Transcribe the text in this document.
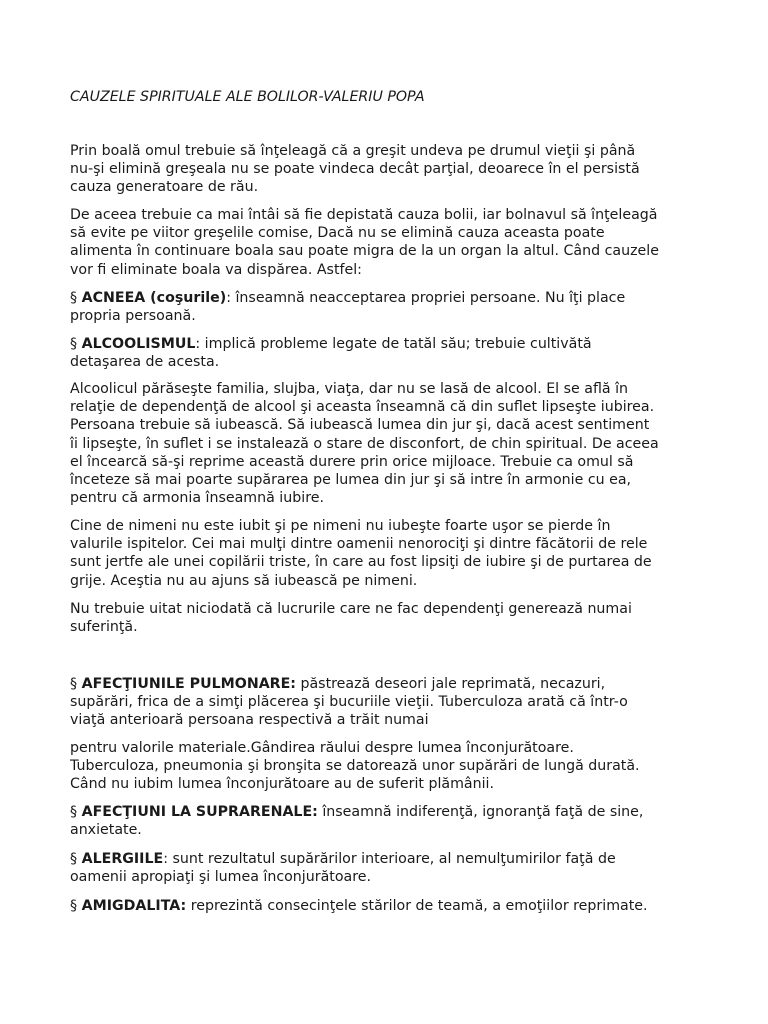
CAUZELE SPIRITUALE ALE BOLILOR-VALERIU POPA

Prin boală omul trebuie să înţeleagă că a greşit undeva pe drumul vieţii şi până
nu-şi elimină greşeala nu se poate vindeca decât parţial, deoarece în el persistă
cauza generatoare de rău.

De aceea trebuie ca mai întâi să fie depistată cauza bolii, iar bolnavul să înţeleagă
să evite pe viitor greşelile comise, Dacă nu se elimină cauza aceasta poate
alimenta în continuare boala sau poate migra de la un organ la altul. Când cauzele
vor fi eliminate boala va dispărea. Astfel:

§ ACNEEA (coşurile): înseamnă neacceptarea propriei persoane. Nu îţi place
propria persoană.

§ ALCOOLISMUL: implică probleme legate de tatăl său; trebuie cultivătă
detaşarea de acesta.

Alcoolicul părăseşte familia, slujba, viaţa, dar nu se lasă de alcool. El se află în
relaţie de dependenţă de alcool şi aceasta înseamnă că din suflet lipseşte iubirea.
Persoana trebuie să iubească. Să iubească lumea din jur şi, dacă acest sentiment
îi lipseşte, în suflet i se instalează o stare de disconfort, de chin spiritual. De aceea
el încearcă să-şi reprime această durere prin orice mijloace. Trebuie ca omul să
înceteze să mai poarte supărarea pe lumea din jur şi să intre în armonie cu ea,
pentru că armonia înseamnă iubire.

Cine de nimeni nu este iubit şi pe nimeni nu iubeşte foarte uşor se pierde în
valurile ispitelor. Cei mai mulţi dintre oamenii nenorociţi şi dintre făcătorii de rele
sunt jertfe ale unei copilării triste, în care au fost lipsiţi de iubire şi de purtarea de
grije. Aceştia nu au ajuns să iubească pe nimeni.

Nu trebuie uitat niciodată că lucrurile care ne fac dependenţi generează numai
suferinţă.

§ AFECŢIUNILE PULMONARE: păstrează deseori jale reprimată, necazuri,
supărări, frica de a simţi plăcerea şi bucuriile vieţii. Tuberculoza arată că într-o
viaţă anterioară persoana respectivă a trăit numai

pentru valorile materiale.Gândirea răului despre lumea înconjurătoare.
Tuberculoza, pneumonia şi bronşita se datorează unor supărări de lungă durată.
Când nu iubim lumea înconjurătoare au de suferit plămânii.

§ AFECŢIUNI LA SUPRARENALE: înseamnă indiferenţă, ignoranţă faţă de sine,
anxietate.

§ ALERGIILE: sunt rezultatul supărărilor interioare, al nemulţumirilor faţă de
oamenii apropiaţi şi lumea înconjurătoare.

§ AMIGDALITA: reprezintă consecinţele stărilor de teamă, a emoţiilor reprimate.
